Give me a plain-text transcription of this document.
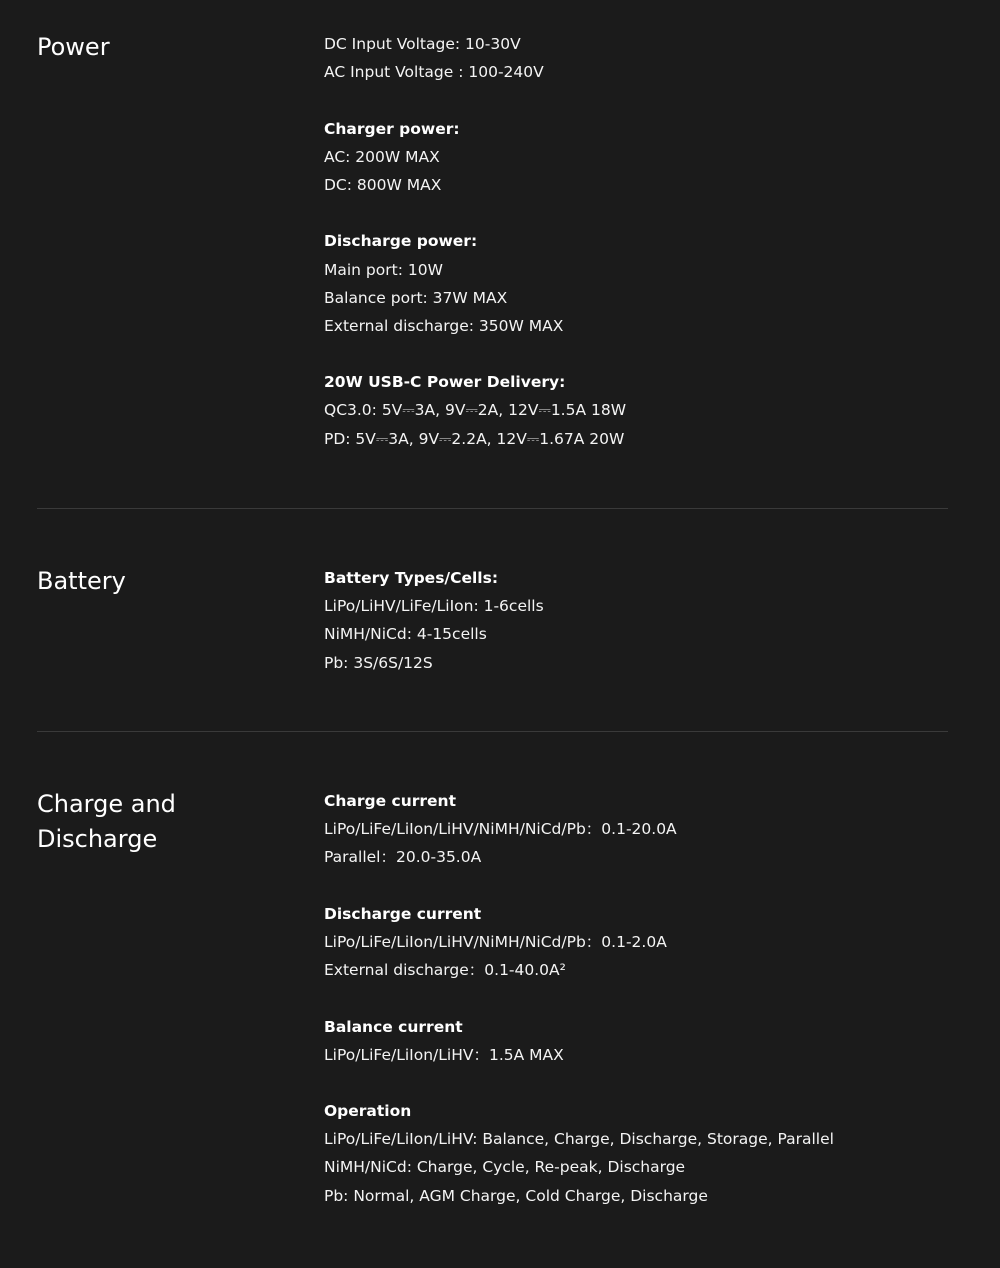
Power	DC Input Voltage: 10-30V
AC Input Voltage : 100-240V
Charger power:
AC: 200W MAX
DC: 800W MAX
Discharge power:
Main port: 10W
Balance port: 37W MAX
External discharge: 350W MAX
20W USB-C Power Delivery:
QC3.0: 5V⎓3A, 9V⎓2A, 12V⎓1.5A 18W
PD: 5V⎓3A, 9V⎓2.2A, 12V⎓1.67A 20W
Battery	Battery Types/Cells:
LiPo/LiHV/LiFe/LiIon: 1-6cells
NiMH/NiCd: 4-15cells
Pb: 3S/6S/12S
Charge and
Discharge
Charge current
LiPo/LiFe/LiIon/LiHV/NiMH/NiCd/Pb：0.1-20.0A
Parallel：20.0-35.0A
Discharge current
LiPo/LiFe/LiIon/LiHV/NiMH/NiCd/Pb：0.1-2.0A
External discharge：0.1-40.0A²
Balance current
LiPo/LiFe/LiIon/LiHV：1.5A MAX
Operation
LiPo/LiFe/LiIon/LiHV: Balance, Charge, Discharge, Storage, Parallel
NiMH/NiCd: Charge, Cycle, Re-peak, Discharge
Pb: Normal, AGM Charge, Cold Charge, Discharge
